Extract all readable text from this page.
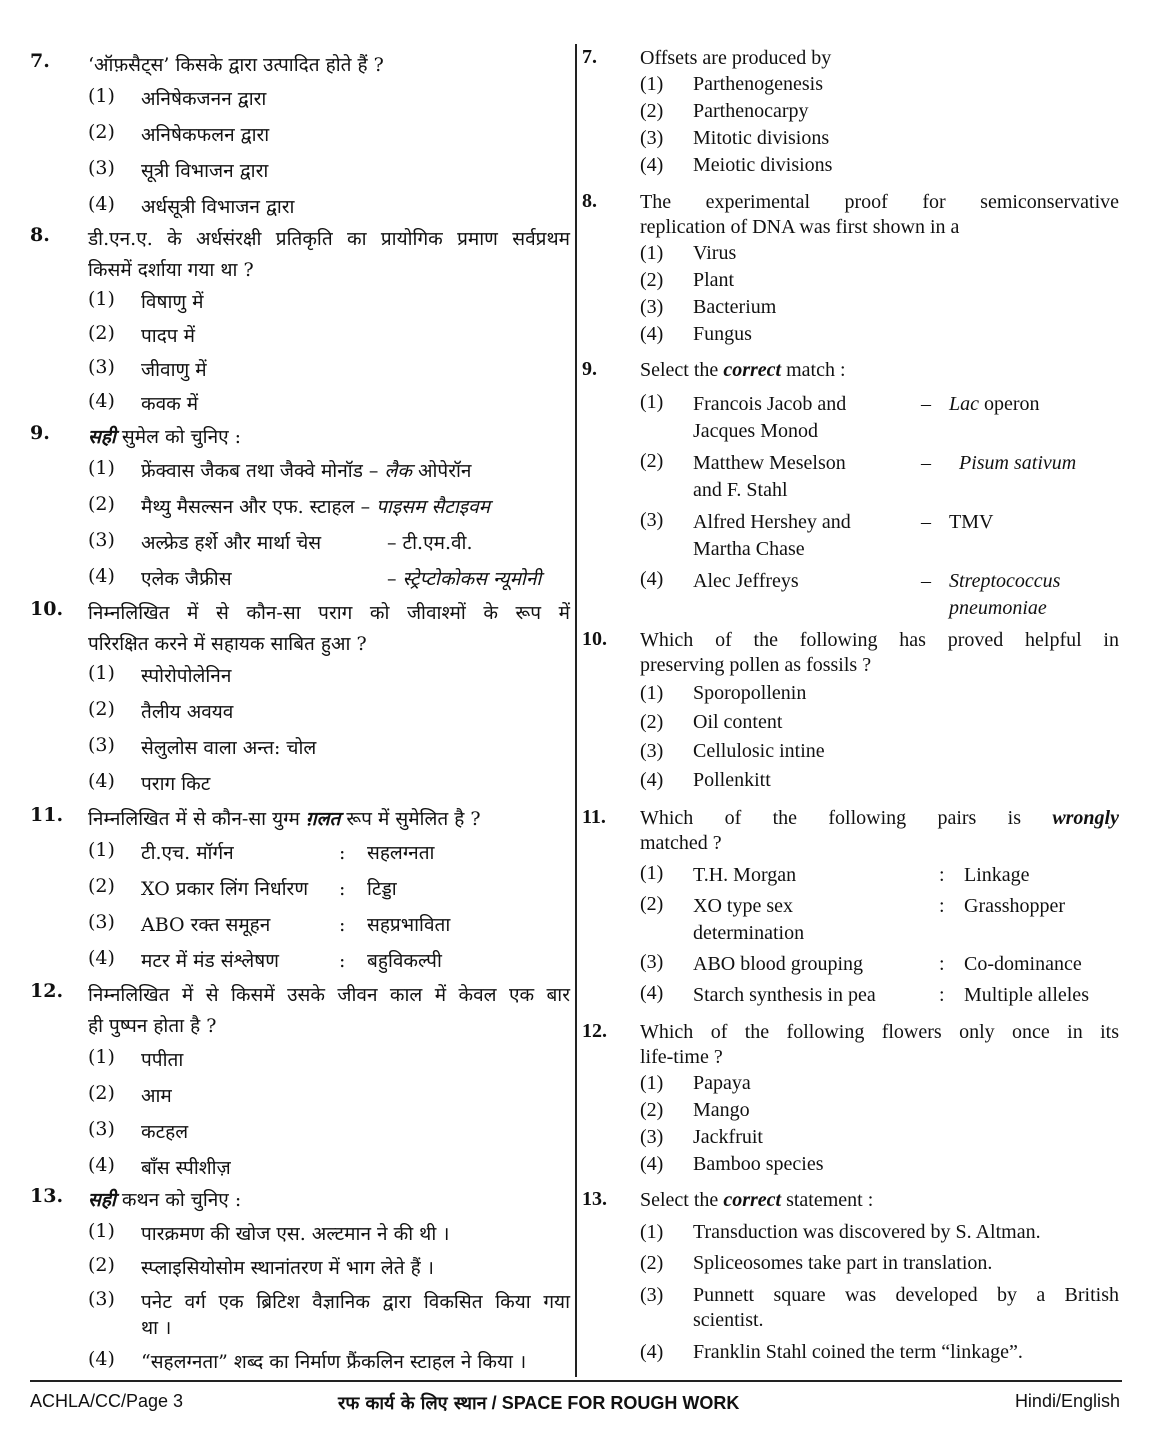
7. ‘ऑफ़सैट्स’ किसके द्वारा उत्पादित होते हैं ?
(1) अनिषेकजनन द्वारा
(2) अनिषेकफलन द्वारा
(3) सूत्री विभाजन द्वारा
(4) अर्धसूत्री विभाजन द्वारा
8. डी.एन.ए. के अर्धसंरक्षी प्रतिकृति का प्रायोगिक प्रमाण सर्वप्रथम
किसमें दर्शाया गया था ?
(1) विषाणु में
(2) पादप में
(3) जीवाणु में
(4) कवक में
9. सही सुमेल को चुनिए :
(1) फ्रेंक्वास जैकब तथा जैक्वे मोनॉड – लैक ओपेरॉन
(2) मैथ्यु मैसल्सन और एफ. स्टाहल – पाइसम सैटाइवम
(3) अल्फ्रेड हर्शे और मार्था चेस	– टी.एम.वी.
(4) एलेक जैफ्रीस	– स्ट्रेप्टोकोकस न्यूमोनी
10. निम्नलिखित में से कौन-सा पराग को जीवाश्मों के रूप में
परिरक्षित करने में सहायक साबित हुआ ?
(1) स्पोरोपोलेनिन
(2) तैलीय अवयव
(3) सेलुलोस वाला अन्त: चोल
(4) पराग किट
11. निम्नलिखित में से कौन-सा युग्म ग़लत रूप में सुमेलित है ?
(1) टी.एच. मॉर्गन	: सहलग्नता
(2) XO प्रकार लिंग निर्धारण : टिड्डा
(3) ABO रक्त समूहन	: सहप्रभाविता
(4) मटर में मंड संश्लेषण	: बहुविकल्पी
12. निम्नलिखित में से किसमें उसके जीवन काल में केवल एक बार
ही पुष्पन होता है ?
(1) पपीता
(2) आम
(3) कटहल
(4) बाँस स्पीशीज़
13. सही कथन को चुनिए :
(1) पारक्रमण की खोज एस. अल्टमान ने की थी ।
(2) स्प्लाइसियोसोम स्थानांतरण में भाग लेते हैं ।
(3) पनेट वर्ग एक ब्रिटिश वैज्ञानिक द्वारा विकसित किया गया
था ।
(4) “सहलग्नता” शब्द का निर्माण फ्रैंकलिन स्टाहल ने किया ।
7. Offsets are produced by
(1) Parthenogenesis
(2) Parthenocarpy
(3) Mitotic divisions
(4) Meiotic divisions
8. The experimental proof for semiconservative
replication of DNA was first shown in a
(1) Virus
(2) Plant
(3) Bacterium
(4) Fungus
9. Select the correct match :
(1) Francois Jacob and
Jacques Monod
– Lac operon
(2) Matthew Meselson
and F. Stahl
–	Pisum sativum
(3) Alfred Hershey and
Martha Chase
– TMV
(4) Alec Jeffreys	– Streptococcus
pneumoniae
10. Which of the following has proved helpful in
preserving pollen as fossils ?
(1) Sporopollenin
(2) Oil content
(3) Cellulosic intine
(4) Pollenkitt
11. Which of the following pairs is wrongly
matched ?
(1) T.H. Morgan	: Linkage
(2) XO type sex
determination
: Grasshopper
(3) ABO blood grouping	: Co-dominance
(4) Starch synthesis in pea	: Multiple alleles
12. Which of the following flowers only once in its
life-time ?
(1) Papaya
(2) Mango
(3) Jackfruit
(4) Bamboo species
13. Select the correct statement :
(1) Transduction was discovered by S. Altman.
(2) Spliceosomes take part in translation.
(3) Punnett square was developed by a British
scientist.
(4) Franklin Stahl coined the term “linkage”.
ACHLA/CC/Page 3	रफ कार्य के लिए स्थान / SPACE FOR ROUGH WORK	Hindi/English
